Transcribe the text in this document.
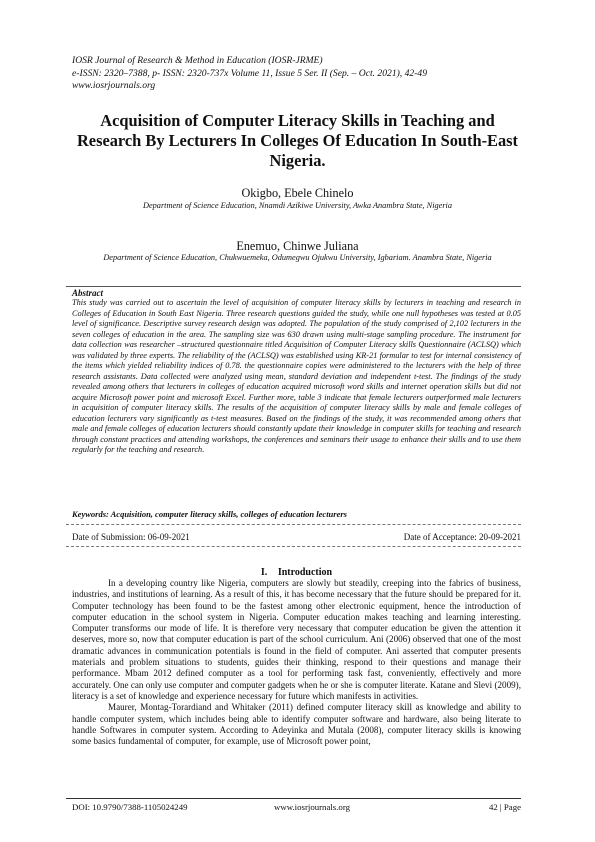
IOSR Journal of Research & Method in Education (IOSR-JRME)
e-ISSN: 2320–7388, p- ISSN: 2320-737x Volume 11, Issue 5 Ser. II (Sep. – Oct. 2021), 42-49
www.iosrjournals.org
Acquisition of Computer Literacy Skills in Teaching and Research By Lecturers In Colleges Of Education In South-East Nigeria.
Okigbo, Ebele Chinelo
Department of Science Education, Nnamdi Azikiwe University, Awka Anambra State, Nigeria
Enemuo, Chinwe Juliana
Department of Science Education, Chukwuemeka, Odumegwu Ojukwu University, Igbariam. Anambra State, Nigeria
Abstract
This study was carried out to ascertain the level of acquisition of computer literacy skills by lecturers in teaching and research in Colleges of Education in South East Nigeria. Three research questions guided the study, while one null hypotheses was tested at 0.05 level of significance. Descriptive survey research design was adopted. The population of the study comprised of 2,102 lecturers in the seven colleges of education in the area. The sampling size was 630 drawn using multi-stage sampling procedure. The instrument for data collection was researcher –structured questionnaire titled Acquisition of Computer Literacy skills Questionnaire (ACLSQ) which was validated by three experts. The reliability of the (ACLSQ) was established using KR-21 formular to test for internal consistency of the items which yielded reliability indices of 0.78. the questionnaire copies were administered to the lecturers with the help of three research assistants. Data collected were analyzed using mean, standard deviation and independent t-test. The findings of the study revealed among others that lecturers in colleges of education acquired microsoft word skills and internet operation skills but did not acquire Microsoft power point and microsoft Excel. Further more, table 3 indicate that female lecturers outperformed male lecturers in acquisition of computer literacy skills. The results of the acquisition of computer literacy skills by male and female colleges of education lecturers vary significantly as t-test measures. Based on the findings of the study, it was recommended among others that male and female colleges of education lecturers should constantly update their knowledge in computer skills for teaching and research through constant practices and attending workshops, the conferences and seminars their usage to enhance their skills and to use them regularly for the teaching and research.
Keywords: Acquisition, computer literacy skills, colleges of education lecturers
Date of Submission: 06-09-2021	Date of Acceptance: 20-09-2021
I. Introduction

In a developing country like Nigeria, computers are slowly but steadily, creeping into the fabrics of business, industries, and institutions of learning. As a result of this, it has become necessary that the future should be prepared for it. Computer technology has been found to be the fastest among other electronic equipment, hence the introduction of computer education in the school system in Nigeria. Computer education makes teaching and learning interesting. Computer transforms our mode of life. It is therefore very necessary that computer education be given the attention it deserves, more so, now that computer education is part of the school curriculum. Ani (2006) observed that one of the most dramatic advances in communication potentials is found in the field of computer. Ani asserted that computer presents materials and problem situations to students, guides their thinking, respond to their questions and manage their performance. Mbam 2012 defined computer as a tool for performing task fast, conveniently, effectively and more accurately. One can only use computer and computer gadgets when he or she is computer literate. Katane and Slevi (2009), literacy is a set of knowledge and experience necessary for future which manifests in activities.

Maurer, Montag-Torardiand and Whitaker (2011) defined computer literacy skill as knowledge and ability to handle computer system, which includes being able to identify computer software and hardware, also being literate to handle Softwares in computer system. According to Adeyinka and Mutala (2008), computer literacy skills is knowing some basics fundamental of computer, for example, use of Microsoft power point,

DOI: 10.9790/7388-1105024249	www.iosrjournals.org	42 | Page
